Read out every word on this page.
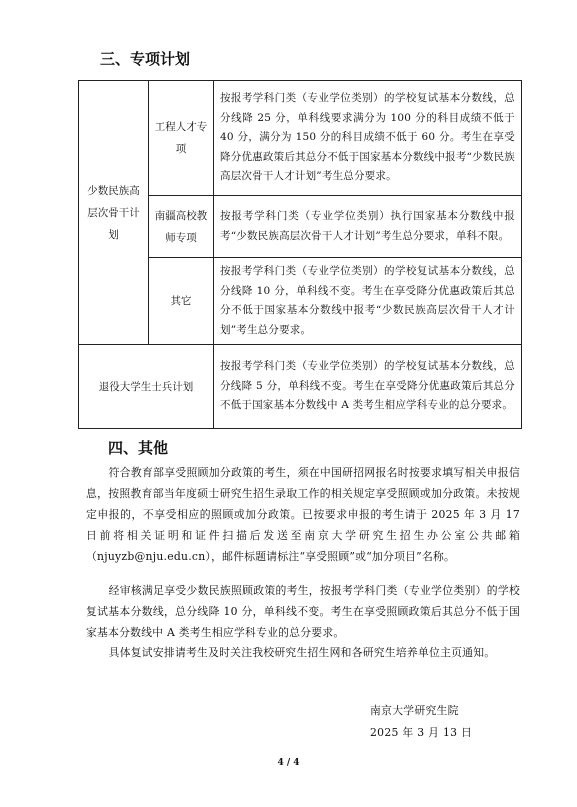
三、专项计划
少数民族高层次骨干计划	工程人才专项	按报考学科门类（专业学位类别）的学校复试基本分数线，总分线降 25 分，单科线要求满分为 100 分的科目成绩不低于 40 分，满分为 150 分的科目成绩不低于 60 分。考生在享受降分优惠政策后其总分不低于国家基本分数线中报考“少数民族高层次骨干人才计划”考生总分要求。
	南疆高校教师专项	按报考学科门类（专业学位类别）执行国家基本分数线中报考“少数民族高层次骨干人才计划”考生总分要求，单科不限。
	其它	按报考学科门类（专业学位类别）的学校复试基本分数线，总分线降 10 分，单科线不变。考生在享受降分优惠政策后其总分不低于国家基本分数线中报考“少数民族高层次骨干人才计划”考生总分要求。
退役大学生士兵计划		按报考学科门类（专业学位类别）的学校复试基本分数线，总分线降 5 分，单科线不变。考生在享受降分优惠政策后其总分不低于国家基本分数线中 A 类考生相应学科专业的总分要求。
四、其他

符合教育部享受照顾加分政策的考生，须在中国研招网报名时按要求填写相关申报信息，按照教育部当年度硕士研究生招生录取工作的相关规定享受照顾或加分政策。未按规定申报的，不享受相应的照顾或加分政策。已按要求申报的考生请于 2025 年 3 月 17 日前将相关证明和证件扫描后发送至南京大学研究生招生办公室公共邮箱（njuyzb@nju.edu.cn），邮件标题请标注“享受照顾”或“加分项目”名称。

经审核满足享受少数民族照顾政策的考生，按报考学科门类（专业学位类别）的学校复试基本分数线，总分线降 10 分，单科线不变。考生在享受照顾政策后其总分不低于国家基本分数线中 A 类考生相应学科专业的总分要求。

具体复试安排请考生及时关注我校研究生招生网和各研究生培养单位主页通知。

南京大学研究生院
2025 年 3 月 13 日
4 / 4
